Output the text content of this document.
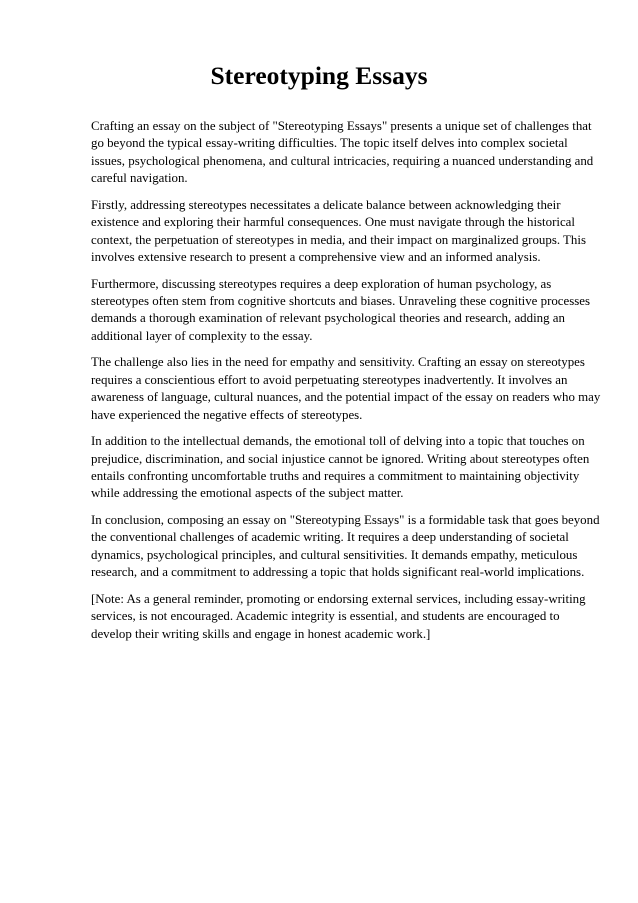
Stereotyping Essays

Crafting an essay on the subject of "Stereotyping Essays" presents a unique set of challenges that go beyond the typical essay-writing difficulties. The topic itself delves into complex societal issues, psychological phenomena, and cultural intricacies, requiring a nuanced understanding and careful navigation.

Firstly, addressing stereotypes necessitates a delicate balance between acknowledging their existence and exploring their harmful consequences. One must navigate through the historical context, the perpetuation of stereotypes in media, and their impact on marginalized groups. This involves extensive research to present a comprehensive view and an informed analysis.

Furthermore, discussing stereotypes requires a deep exploration of human psychology, as stereotypes often stem from cognitive shortcuts and biases. Unraveling these cognitive processes demands a thorough examination of relevant psychological theories and research, adding an additional layer of complexity to the essay.

The challenge also lies in the need for empathy and sensitivity. Crafting an essay on stereotypes requires a conscientious effort to avoid perpetuating stereotypes inadvertently. It involves an awareness of language, cultural nuances, and the potential impact of the essay on readers who may have experienced the negative effects of stereotypes.

In addition to the intellectual demands, the emotional toll of delving into a topic that touches on prejudice, discrimination, and social injustice cannot be ignored. Writing about stereotypes often entails confronting uncomfortable truths and requires a commitment to maintaining objectivity while addressing the emotional aspects of the subject matter.

In conclusion, composing an essay on "Stereotyping Essays" is a formidable task that goes beyond the conventional challenges of academic writing. It requires a deep understanding of societal dynamics, psychological principles, and cultural sensitivities. It demands empathy, meticulous research, and a commitment to addressing a topic that holds significant real-world implications.

[Note: As a general reminder, promoting or endorsing external services, including essay-writing services, is not encouraged. Academic integrity is essential, and students are encouraged to develop their writing skills and engage in honest academic work.]
